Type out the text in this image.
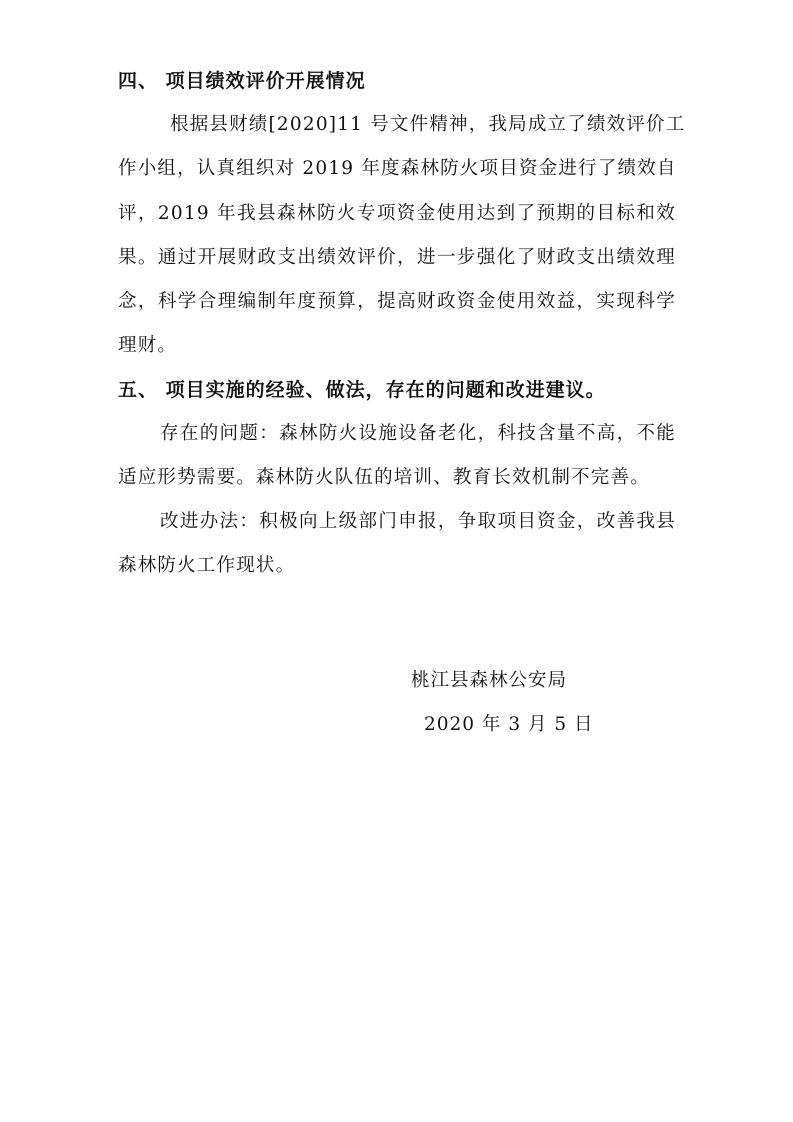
四、 项目绩效评价开展情况
根据县财绩[2020]11 号文件精神，我局成立了绩效评价工
作小组，认真组织对 2019 年度森林防火项目资金进行了绩效自
评，2019 年我县森林防火专项资金使用达到了预期的目标和效
果。通过开展财政支出绩效评价，进一步强化了财政支出绩效理
念，科学合理编制年度预算，提高财政资金使用效益，实现科学
理财。
五、 项目实施的经验、做法，存在的问题和改进建议。
存在的问题：森林防火设施设备老化，科技含量不高，不能
适应形势需要。森林防火队伍的培训、教育长效机制不完善。
改进办法：积极向上级部门申报，争取项目资金，改善我县
森林防火工作现状。
桃江县森林公安局
2020 年 3 月 5 日
